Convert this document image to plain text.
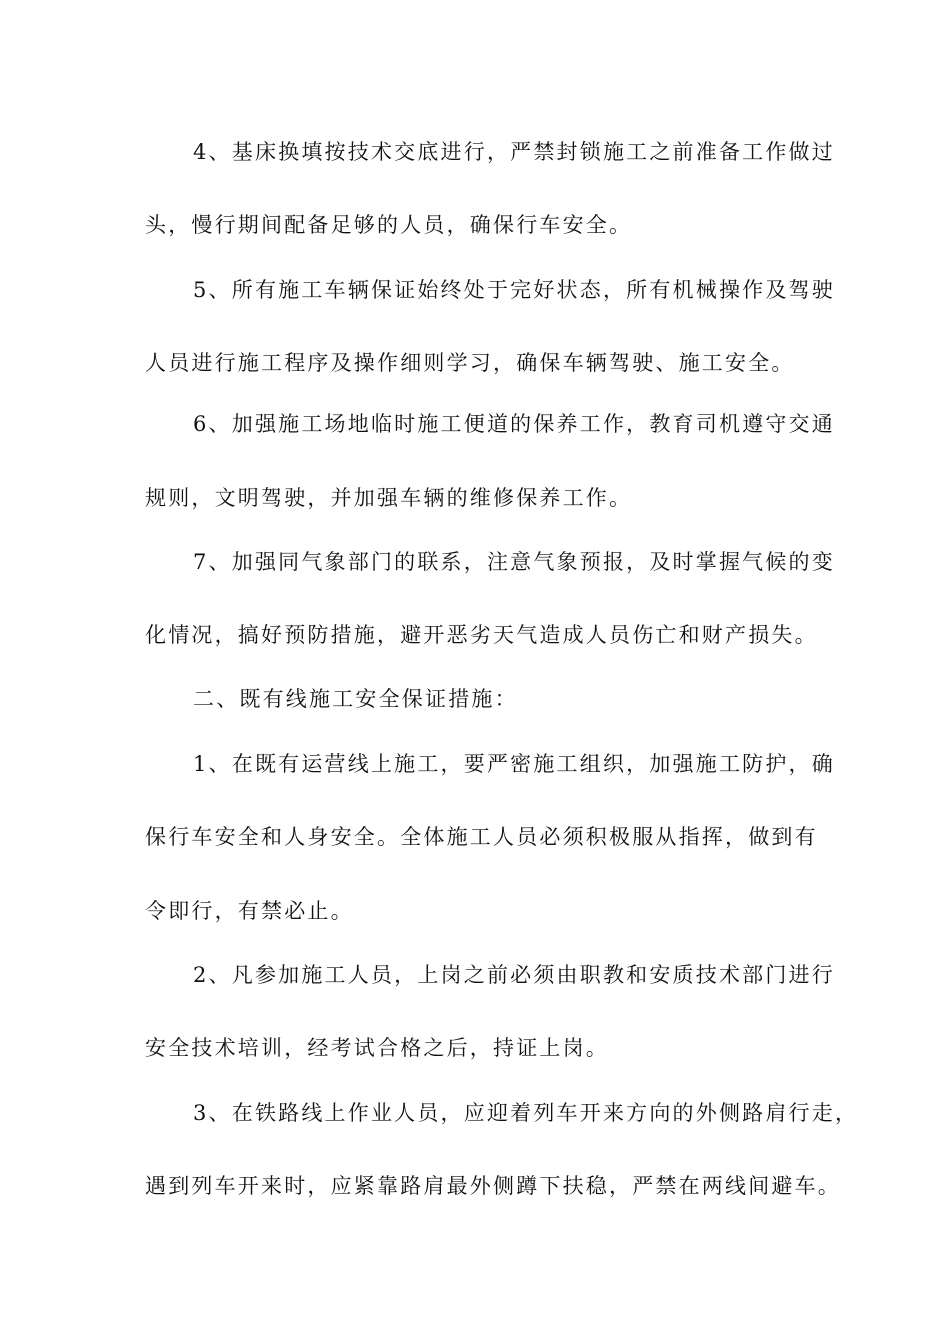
4、基床换填按技术交底进行，严禁封锁施工之前准备工作做过
头，慢行期间配备足够的人员，确保行车安全。
5、所有施工车辆保证始终处于完好状态，所有机械操作及驾驶
人员进行施工程序及操作细则学习，确保车辆驾驶、施工安全。
6、加强施工场地临时施工便道的保养工作，教育司机遵守交通
规则，文明驾驶，并加强车辆的维修保养工作。
7、加强同气象部门的联系，注意气象预报，及时掌握气候的变
化情况，搞好预防措施，避开恶劣天气造成人员伤亡和财产损失。
二、既有线施工安全保证措施：
1、在既有运营线上施工，要严密施工组织，加强施工防护，确
保行车安全和人身安全。全体施工人员必须积极服从指挥，做到有
令即行，有禁必止。
2、凡参加施工人员，上岗之前必须由职教和安质技术部门进行
安全技术培训，经考试合格之后，持证上岗。
3、在铁路线上作业人员，应迎着列车开来方向的外侧路肩行走，
遇到列车开来时，应紧靠路肩最外侧蹲下扶稳，严禁在两线间避车。
